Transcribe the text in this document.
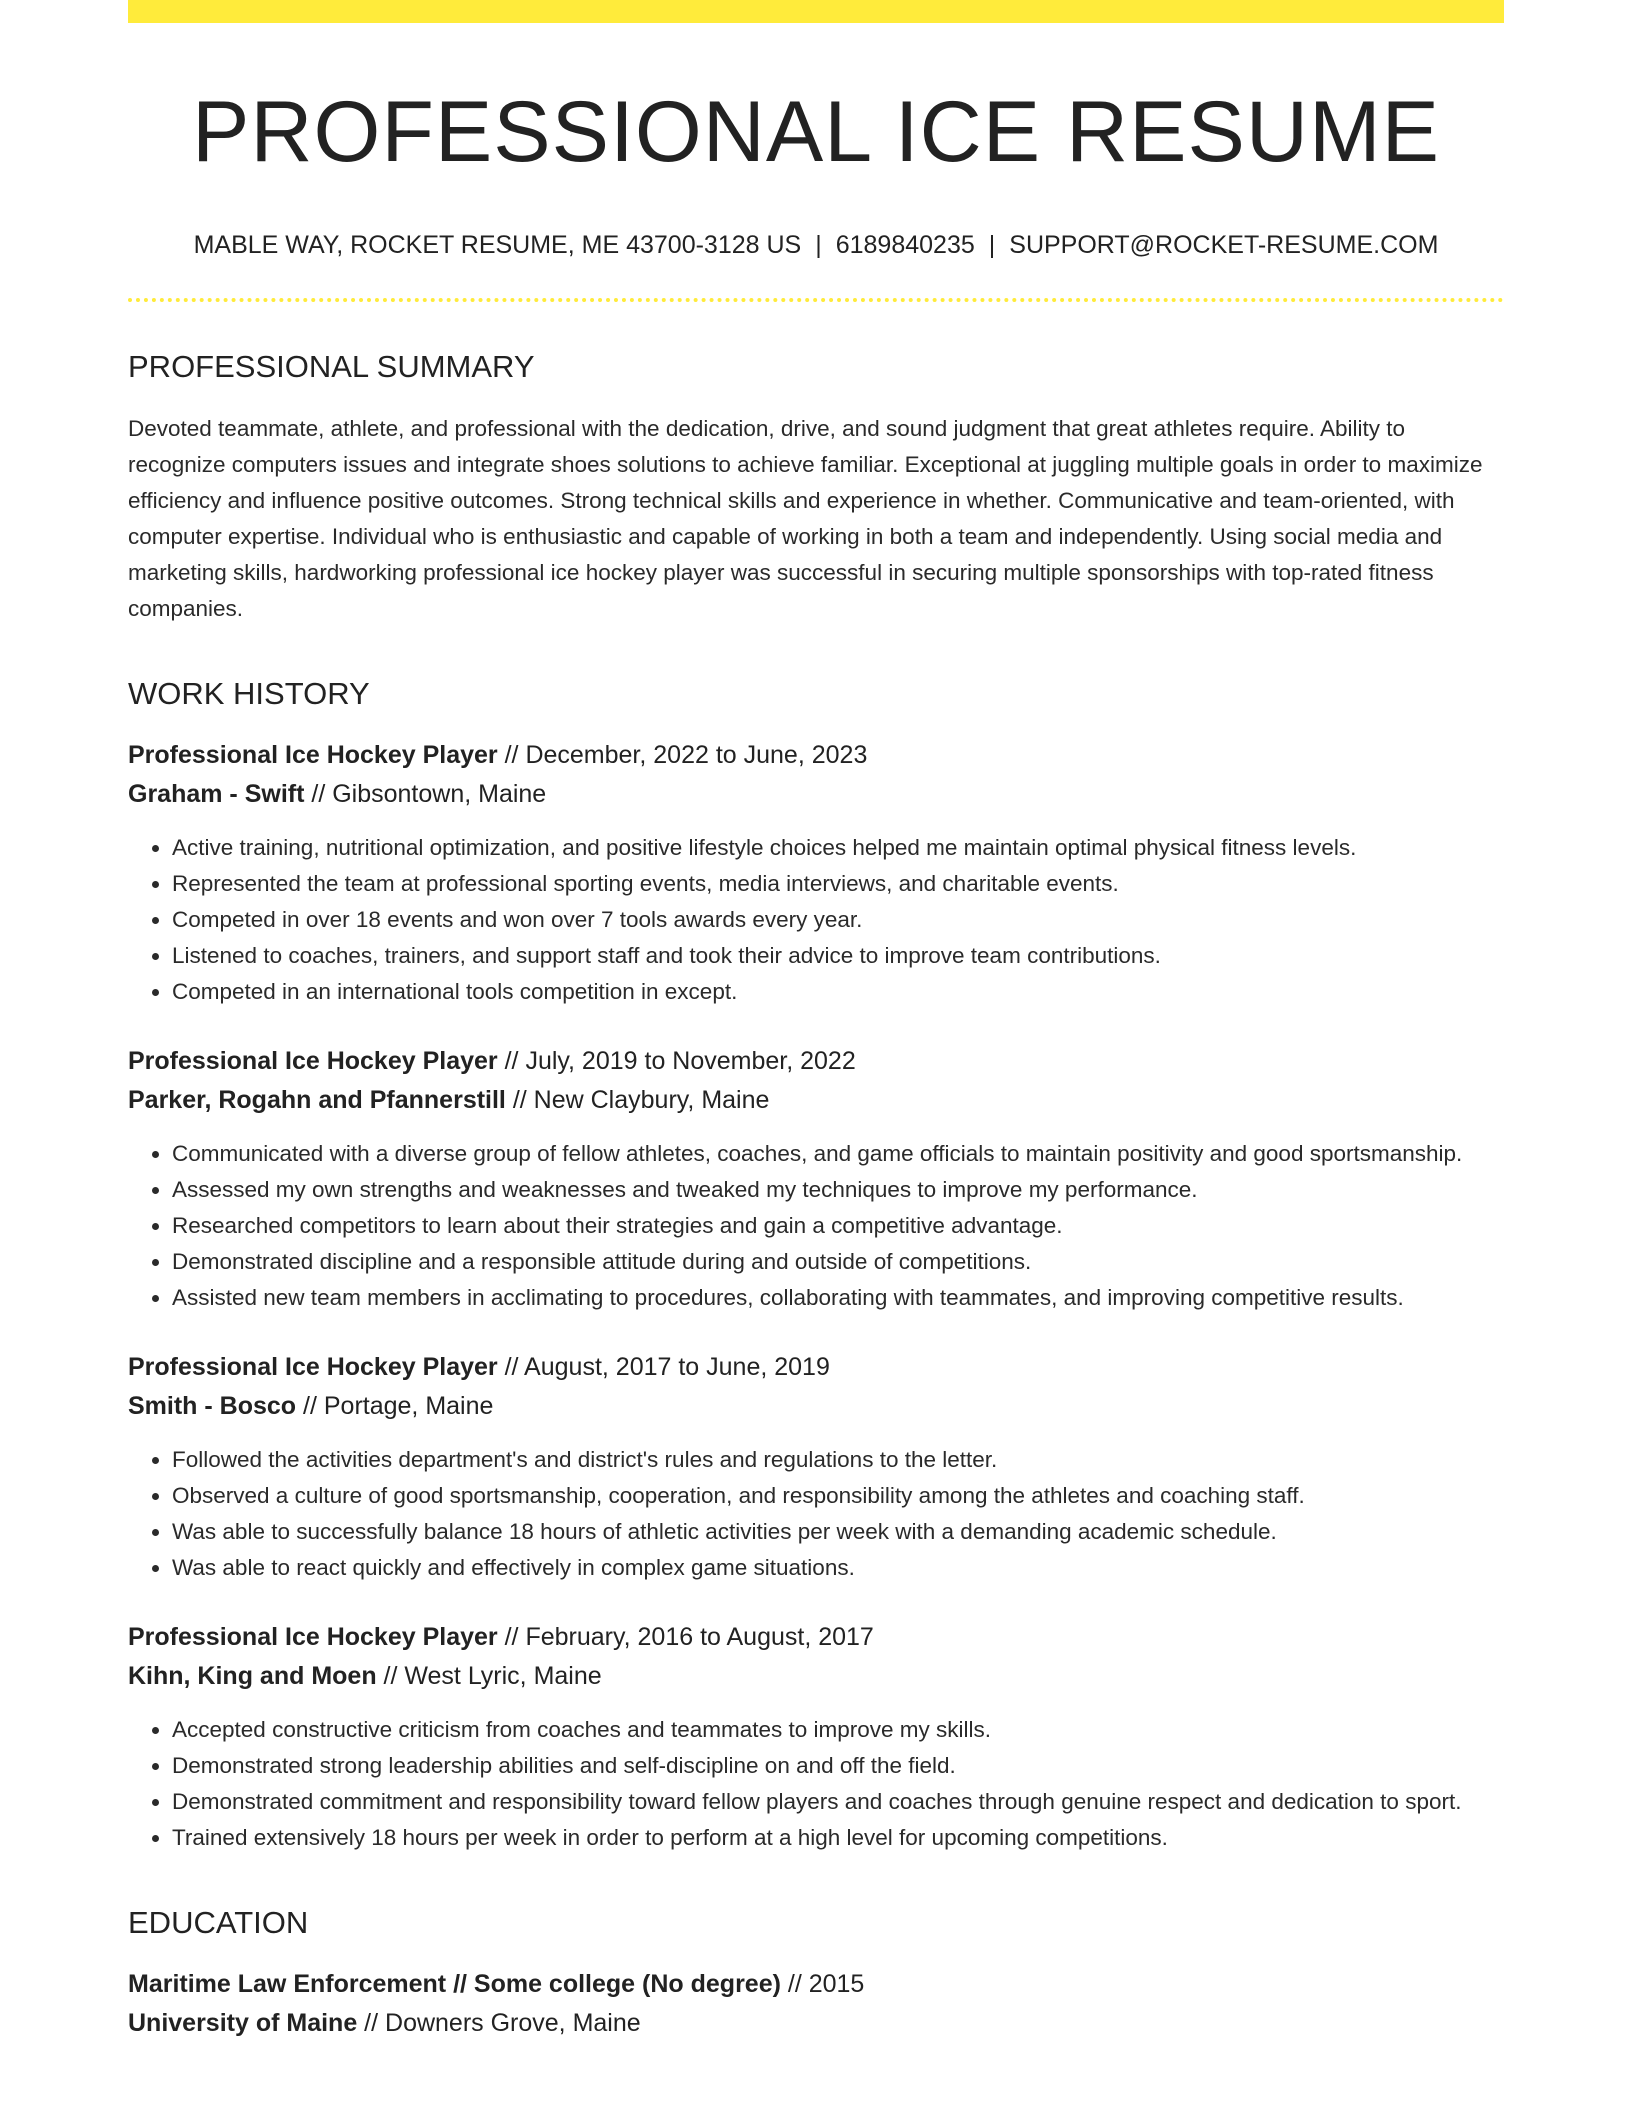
PROFESSIONAL ICE RESUME
MABLE WAY, ROCKET RESUME, ME 43700-3128 US | 6189840235 | SUPPORT@ROCKET-RESUME.COM
PROFESSIONAL SUMMARY

Devoted teammate, athlete, and professional with the dedication, drive, and sound judgment that great athletes require. Ability to recognize computers issues and integrate shoes solutions to achieve familiar. Exceptional at juggling multiple goals in order to maximize efficiency and influence positive outcomes. Strong technical skills and experience in whether. Communicative and team-oriented, with computer expertise. Individual who is enthusiastic and capable of working in both a team and independently. Using social media and marketing skills, hardworking professional ice hockey player was successful in securing multiple sponsorships with top-rated fitness companies.

WORK HISTORY
Professional Ice Hockey Player // December, 2022 to June, 2023
Graham - Swift // Gibsontown, Maine
• Active training, nutritional optimization, and positive lifestyle choices helped me maintain optimal physical fitness levels.
• Represented the team at professional sporting events, media interviews, and charitable events.
• Competed in over 18 events and won over 7 tools awards every year.
• Listened to coaches, trainers, and support staff and took their advice to improve team contributions.
• Competed in an international tools competition in except.
Professional Ice Hockey Player // July, 2019 to November, 2022
Parker, Rogahn and Pfannerstill // New Claybury, Maine
• Communicated with a diverse group of fellow athletes, coaches, and game officials to maintain positivity and good sportsmanship.
• Assessed my own strengths and weaknesses and tweaked my techniques to improve my performance.
• Researched competitors to learn about their strategies and gain a competitive advantage.
• Demonstrated discipline and a responsible attitude during and outside of competitions.
• Assisted new team members in acclimating to procedures, collaborating with teammates, and improving competitive results.
Professional Ice Hockey Player // August, 2017 to June, 2019
Smith - Bosco // Portage, Maine
• Followed the activities department's and district's rules and regulations to the letter.
• Observed a culture of good sportsmanship, cooperation, and responsibility among the athletes and coaching staff.
• Was able to successfully balance 18 hours of athletic activities per week with a demanding academic schedule.
• Was able to react quickly and effectively in complex game situations.
Professional Ice Hockey Player // February, 2016 to August, 2017
Kihn, King and Moen // West Lyric, Maine
• Accepted constructive criticism from coaches and teammates to improve my skills.
• Demonstrated strong leadership abilities and self-discipline on and off the field.
• Demonstrated commitment and responsibility toward fellow players and coaches through genuine respect and dedication to sport.
• Trained extensively 18 hours per week in order to perform at a high level for upcoming competitions.
EDUCATION
Maritime Law Enforcement // Some college (No degree) // 2015
University of Maine // Downers Grove, Maine
